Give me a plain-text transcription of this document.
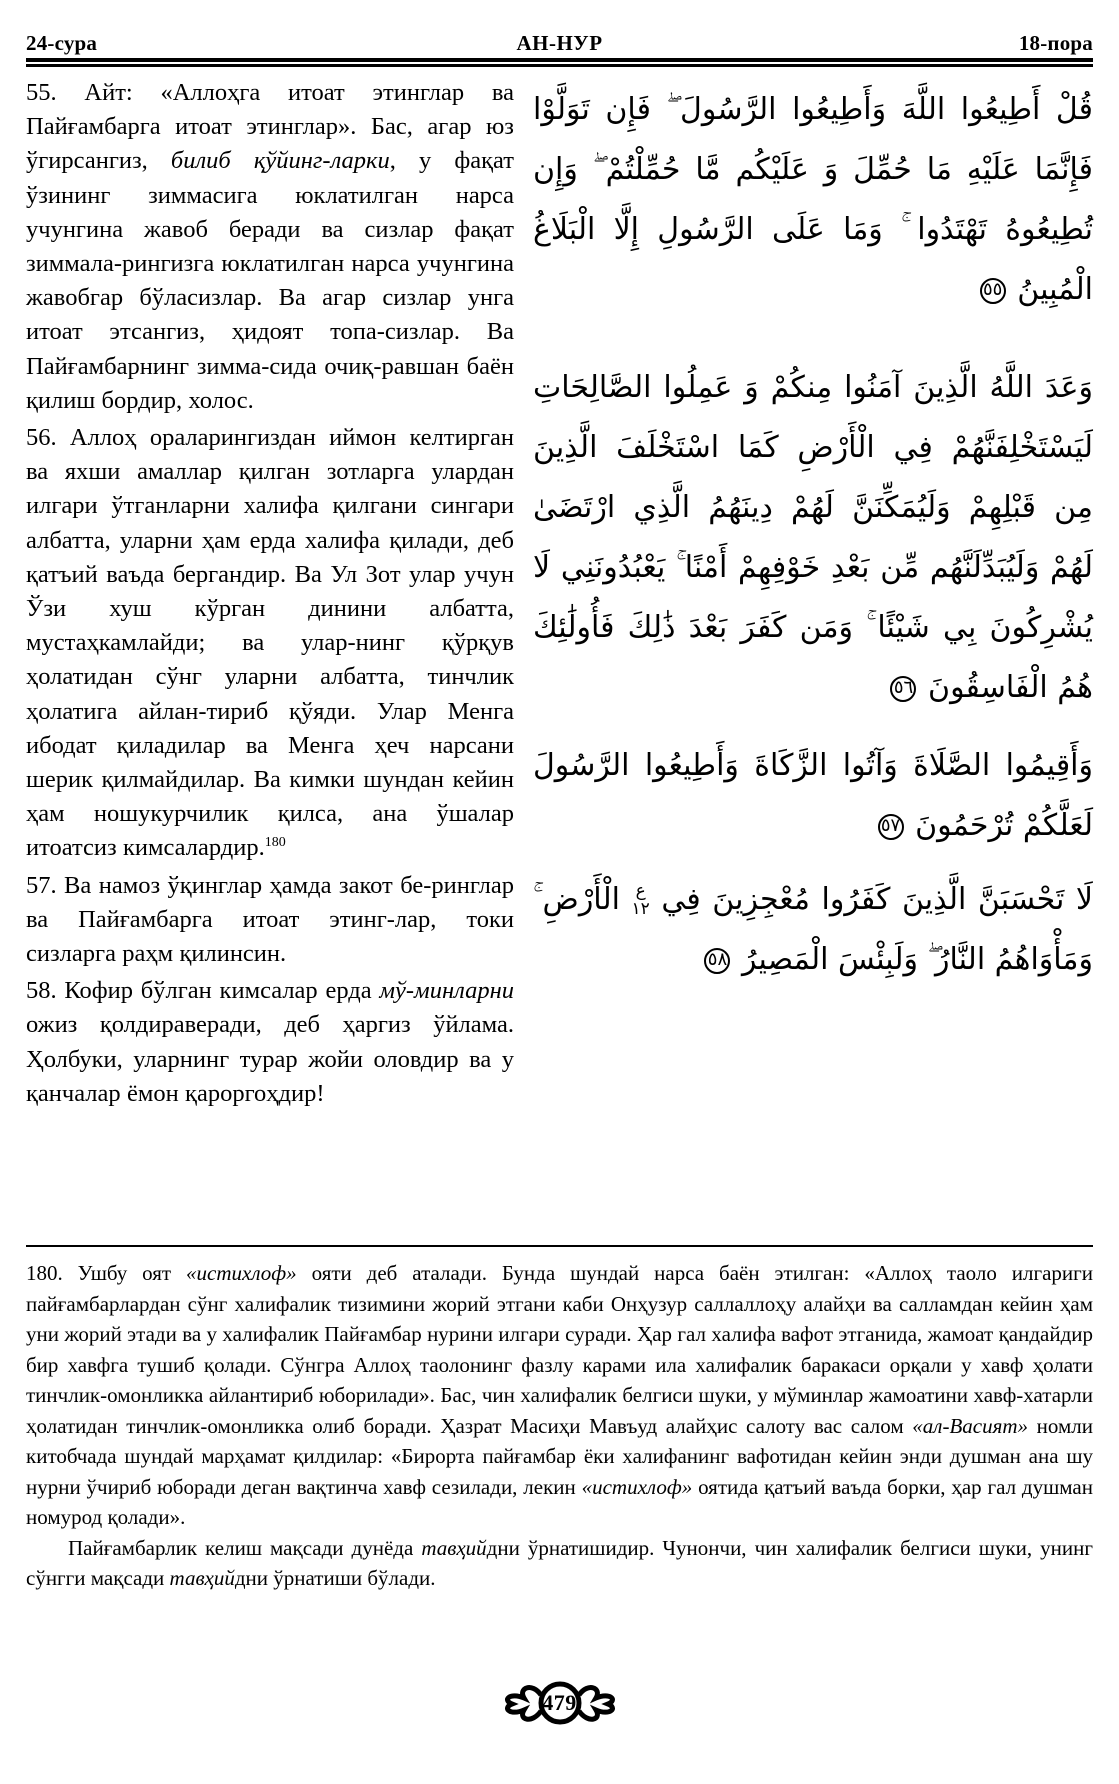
24-сура	АН-НУР	18-пора

55. Айт: «Аллоҳга итоат этинглар ва Пайғамбарга итоат этинглар». Бас, агар юз ўгирсангиз, билиб қўйинг-ларки, у фақат ўзининг зиммасига юклатилган нарса учунгина жавоб беради ва сизлар фақат зиммала-рингизга юклатилган нарса учунгина жавобгар бўласизлар. Ва агар сизлар унга итоат этсангиз, ҳидоят топа-сизлар. Ва Пайғамбарнинг зимма-сида очиқ-равшан баён қилиш бордир, холос.

56. Аллоҳ ораларингиздан иймон келтирган ва яхши амаллар қилган зотларга улардан илгари ўтганларни халифа қилгани сингари албатта, уларни ҳам ерда халифа қилади, деб қатъий ваъда бергандир. Ва Ул Зот улар учун Ўзи хуш кўрган динини албатта, мустаҳкамлайди; ва улар-нинг қўрқув ҳолатидан сўнг уларни албатта, тинчлик ҳолатига айлан-тириб қўяди. Улар Менга ибодат қиладилар ва Менга ҳеч нарсани шерик қилмайдилар. Ва кимки шундан кейин ҳам ношукурчилик қилса, ана ўшалар итоатсиз кимсалардир.$^{180}$

57. Ва намоз ўқинглар ҳамда закот бе-ринглар ва Пайғамбарга итоат этинг-лар, токи сизларга раҳм қилинсин.

58. Кофир бўлган кимсалар ерда мў-минларни ожиз қолдираверади, деб ҳаргиз ўйлама. Ҳолбуки, уларнинг турар жойи оловдир ва у қанчалар ёмон қароргоҳдир!

قُلْ أَطِيعُوا اللَّهَ وَأَطِيعُوا الرَّسُولَ ۖ فَإِن تَوَلَّوْا فَإِنَّمَا عَلَيْهِ مَا حُمِّلَ وَ عَلَيْكُم مَّا حُمِّلْتُمْ ۖ وَإِن تُطِيعُوهُ تَهْتَدُوا ۚ وَمَا عَلَى الرَّسُولِ إِلَّا الْبَلَاغُ الْمُبِينُ ٥٥
وَعَدَ اللَّهُ الَّذِينَ آمَنُوا مِنكُمْ وَ عَمِلُوا الصَّالِحَاتِ لَيَسْتَخْلِفَنَّهُمْ فِي الْأَرْضِ كَمَا اسْتَخْلَفَ الَّذِينَ مِن قَبْلِهِمْ وَلَيُمَكِّنَنَّ لَهُمْ دِينَهُمُ الَّذِي ارْتَضَىٰ لَهُمْ وَلَيُبَدِّلَنَّهُم مِّن بَعْدِ خَوْفِهِمْ أَمْنًا ۚ يَعْبُدُونَنِي لَا يُشْرِكُونَ بِي شَيْئًا ۚ وَمَن كَفَرَ بَعْدَ ذَٰلِكَ فَأُولَٰئِكَ هُمُ الْفَاسِقُونَ ٥٦
وَأَقِيمُوا الصَّلَاةَ وَآتُوا الزَّكَاةَ وَأَطِيعُوا الرَّسُولَ لَعَلَّكُمْ تُرْحَمُونَ ٥٧
لَا تَحْسَبَنَّ الَّذِينَ كَفَرُوا مُعْجِزِينَ فِي ع
١٢ الْأَرْضِ ۚ وَمَأْوَاهُمُ النَّارُ ۖ وَلَبِئْسَ الْمَصِيرُ ٥٨

180. Ушбу оят «истихлоф» ояти деб аталади. Бунда шундай нарса баён этилган: «Аллоҳ таоло илгариги пайғамбарлардан сўнг халифалик тизимини жорий этгани каби Онҳузур саллаллоҳу алайҳи ва салламдан кейин ҳам уни жорий этади ва у халифалик Пайғамбар нурини илгари суради. Ҳар гал халифа вафот этганида, жамоат қандайдир бир хавфга тушиб қолади. Сўнгра Аллоҳ таолонинг фазлу карами ила халифалик баракаси орқали у хавф ҳолати тинчлик-омонликка айлантириб юборилади». Бас, чин халифалик белгиси шуки, у мўминлар жамоатини хавф-хатарли ҳолатидан тинчлик-омонликка олиб боради. Ҳазрат Масиҳи Мавъуд алайҳис салоту вас салом «ал-Васият» номли китобчада шундай марҳамат қилдилар: «Бирорта пайғамбар ёки халифанинг вафотидан кейин энди душман ана шу нурни ўчириб юборади деган вақтинча хавф сезилади, лекин «истихлоф» оятида қатъий ваъда борки, ҳар гал душман номурод қолади».

Пайғамбарлик келиш мақсади дунёда тавҳийдни ўрнатишидир. Чунончи, чин халифалик белгиси шуки, унинг сўнгги мақсади тавҳийдни ўрнатиши бўлади.

479
